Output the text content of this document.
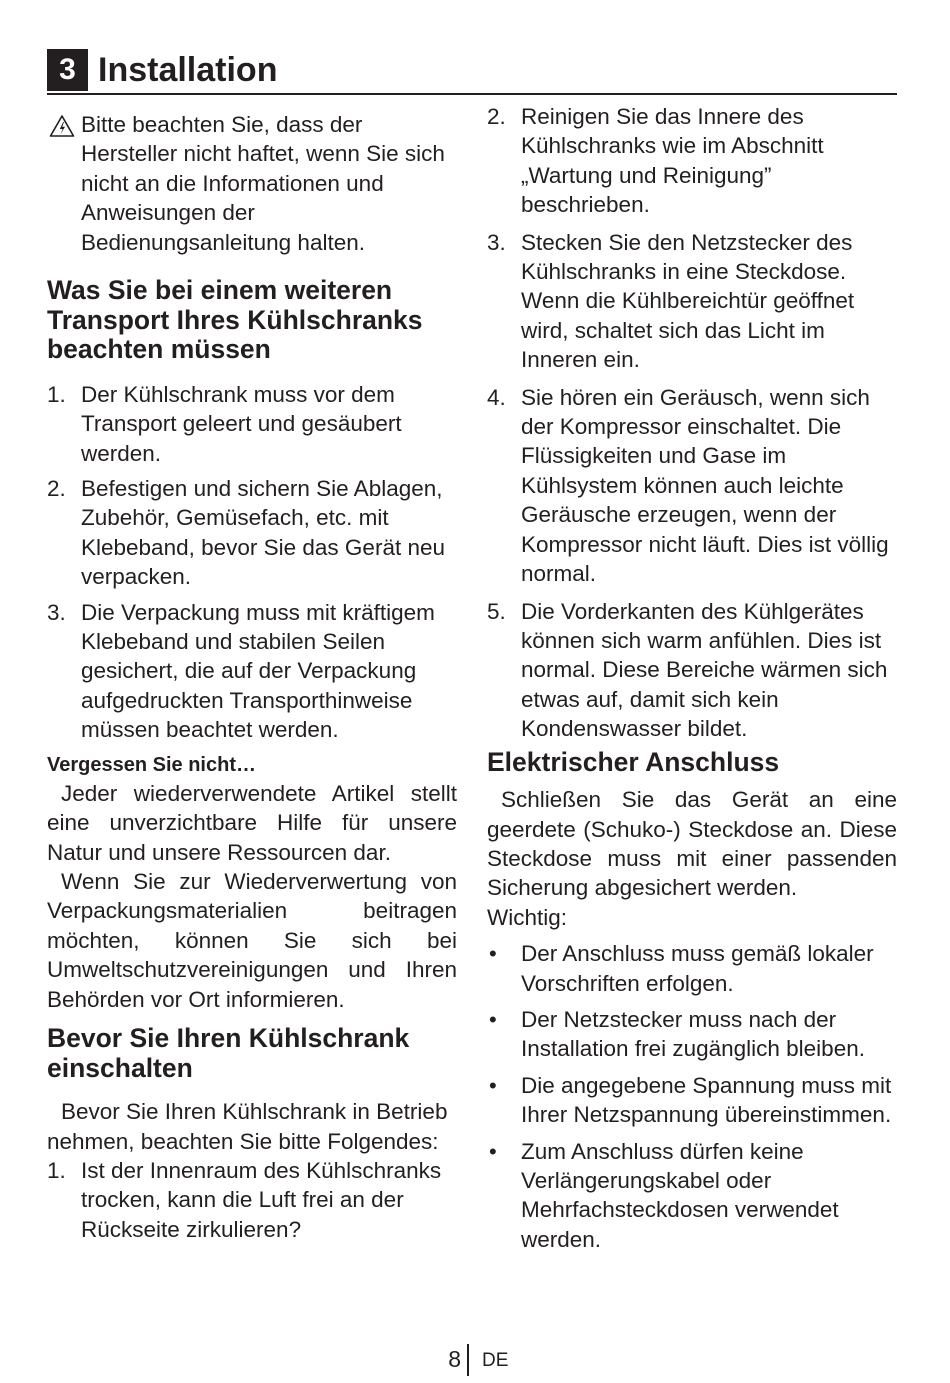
3 Installation

Bitte beachten Sie, dass der Hersteller nicht haftet, wenn Sie sich nicht an die Informationen und Anweisungen der Bedienungsanleitung halten.

Was Sie bei einem weiteren Transport Ihres Kühlschranks beachten müssen
1. Der Kühlschrank muss vor dem Transport geleert und gesäubert werden.
2. Befestigen und sichern Sie Ablagen, Zubehör, Gemüsefach, etc. mit Klebeband, bevor Sie das Gerät neu verpacken.
3. Die Verpackung muss mit kräftigem Klebeband und stabilen Seilen gesichert, die auf der Verpackung aufgedruckten Transporthinweise müssen beachtet werden.
Vergessen Sie nicht…

Jeder wiederverwendete Artikel stellt eine unverzichtbare Hilfe für unsere Natur und unsere Ressourcen dar.

Wenn Sie zur Wiederverwertung von Verpackungsmaterialien beitragen möchten, können Sie sich bei Umweltschutzvereinigungen und Ihren Behörden vor Ort informieren.

Bevor Sie Ihren Kühlschrank einschalten

Bevor Sie Ihren Kühlschrank in Betrieb nehmen, beachten Sie bitte Folgendes:

1. Ist der Innenraum des Kühlschranks trocken, kann die Luft frei an der Rückseite zirkulieren?
2. Reinigen Sie das Innere des Kühlschranks wie im Abschnitt „Wartung und Reinigung” beschrieben.
3. Stecken Sie den Netzstecker des Kühlschranks in eine Steckdose. Wenn die Kühlbereichtür geöffnet wird, schaltet sich das Licht im Inneren ein.
4. Sie hören ein Geräusch, wenn sich der Kompressor einschaltet. Die Flüssigkeiten und Gase im Kühlsystem können auch leichte Geräusche erzeugen, wenn der Kompressor nicht läuft. Dies ist völlig normal.
5. Die Vorderkanten des Kühlgerätes können sich warm anfühlen. Dies ist normal. Diese Bereiche wärmen sich etwas auf, damit sich kein Kondenswasser bildet.
Elektrischer Anschluss

Schließen Sie das Gerät an eine geerdete (Schuko-) Steckdose an. Diese Steckdose muss mit einer passenden Sicherung abgesichert werden.

Wichtig:

• Der Anschluss muss gemäß lokaler Vorschriften erfolgen.
• Der Netzstecker muss nach der Installation frei zugänglich bleiben.
• Die angegebene Spannung muss mit Ihrer Netzspannung übereinstimmen.
• Zum Anschluss dürfen keine Verlängerungskabel oder Mehrfachsteckdosen verwendet werden.
8 DE
